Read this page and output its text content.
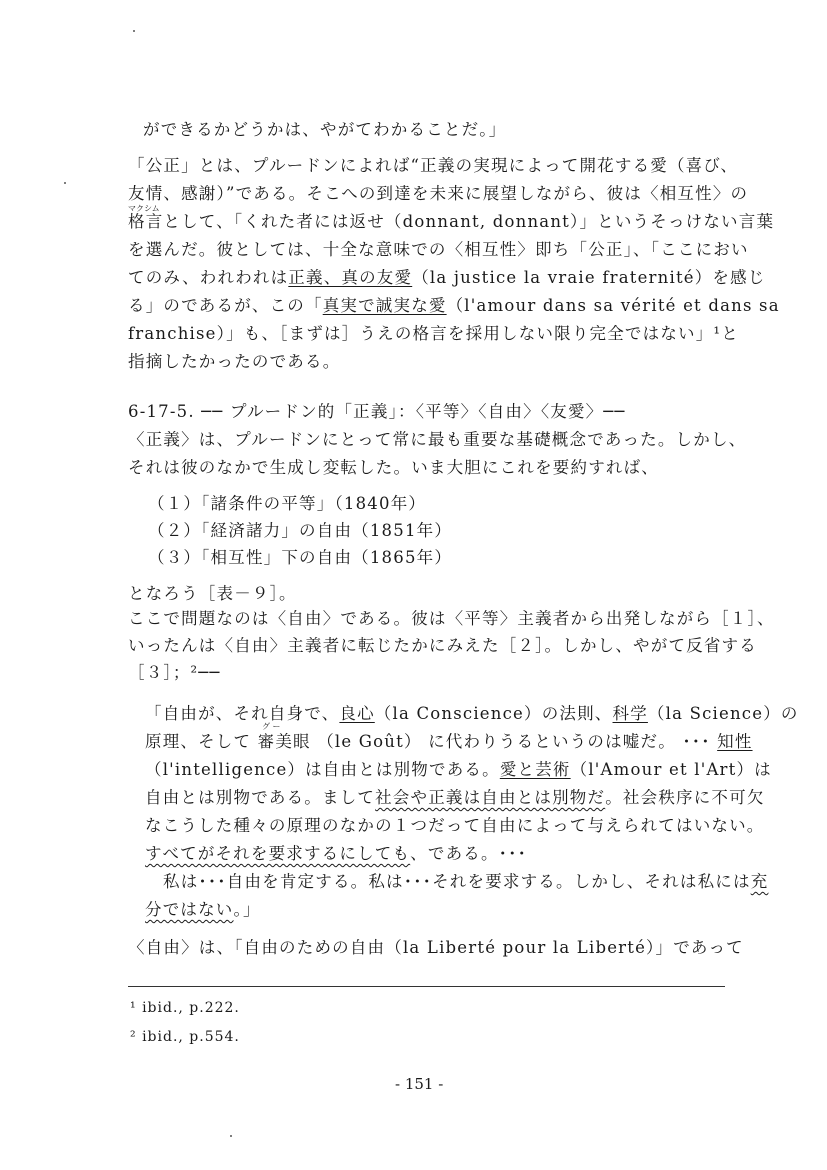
ができるかどうかは、やがてわかることだ。」
「公正」とは、プルードンによれば“正義の実現によって開花する愛（喜び、
友情、感謝）”である。そこへの到達を未来に展望しながら、彼は〈相互性〉の
マクシム
格言として、「くれた者には返せ（donnant, donnant）」というそっけない言葉
を選んだ。彼としては、十全な意味での〈相互性〉即ち「公正」、「ここにおい
てのみ、われわれは正義、真の友愛（la justice la vraie fraternité）を感じ
る」のであるが、この「真実で誠実な愛（l'amour dans sa vérité et dans sa
franchise）」も、［まずは］うえの格言を採用しない限り完全ではない」¹と
指摘したかったのである。
6-17-5. ── プルードン的「正義」：〈平等〉〈自由〉〈友愛〉──
〈正義〉は、プルードンにとって常に最も重要な基礎概念であった。しかし、
それは彼のなかで生成し変転した。いま大胆にこれを要約すれば、
（１）「諸条件の平等」（1840年）
（２）「経済諸力」の自由（1851年）
（３）「相互性」下の自由（1865年）
となろう［表－９］。
ここで問題なのは〈自由〉である。彼は〈平等〉主義者から出発しながら［１］、
いったんは〈自由〉主義者に転じたかにみえた［２］。しかし、やがて反省する
［３］；²──
「自由が、それ自身で、良心（la Conscience）の法則、科学（la Science）の
グ ー
原理、そして 審美眼 （le Goût） に代わりうるというのは嘘だ。 ･･･ 知性
（l'intelligence）は自由とは別物である。愛と芸術（l'Amour et l'Art）は
自由とは別物である。まして社会や正義は自由とは別物だ。社会秩序に不可欠
なこうした種々の原理のなかの１つだって自由によって与えられてはいない。
すべてがそれを要求するにしても、である。･･･
私は･･･自由を肯定する。私は･･･それを要求する。しかし、それは私には充
分ではない。」
〈自由〉は、「自由のための自由（la Liberté pour la Liberté）」であって
¹ ibid., p.222.
² ibid., p.554.
- 151 -
